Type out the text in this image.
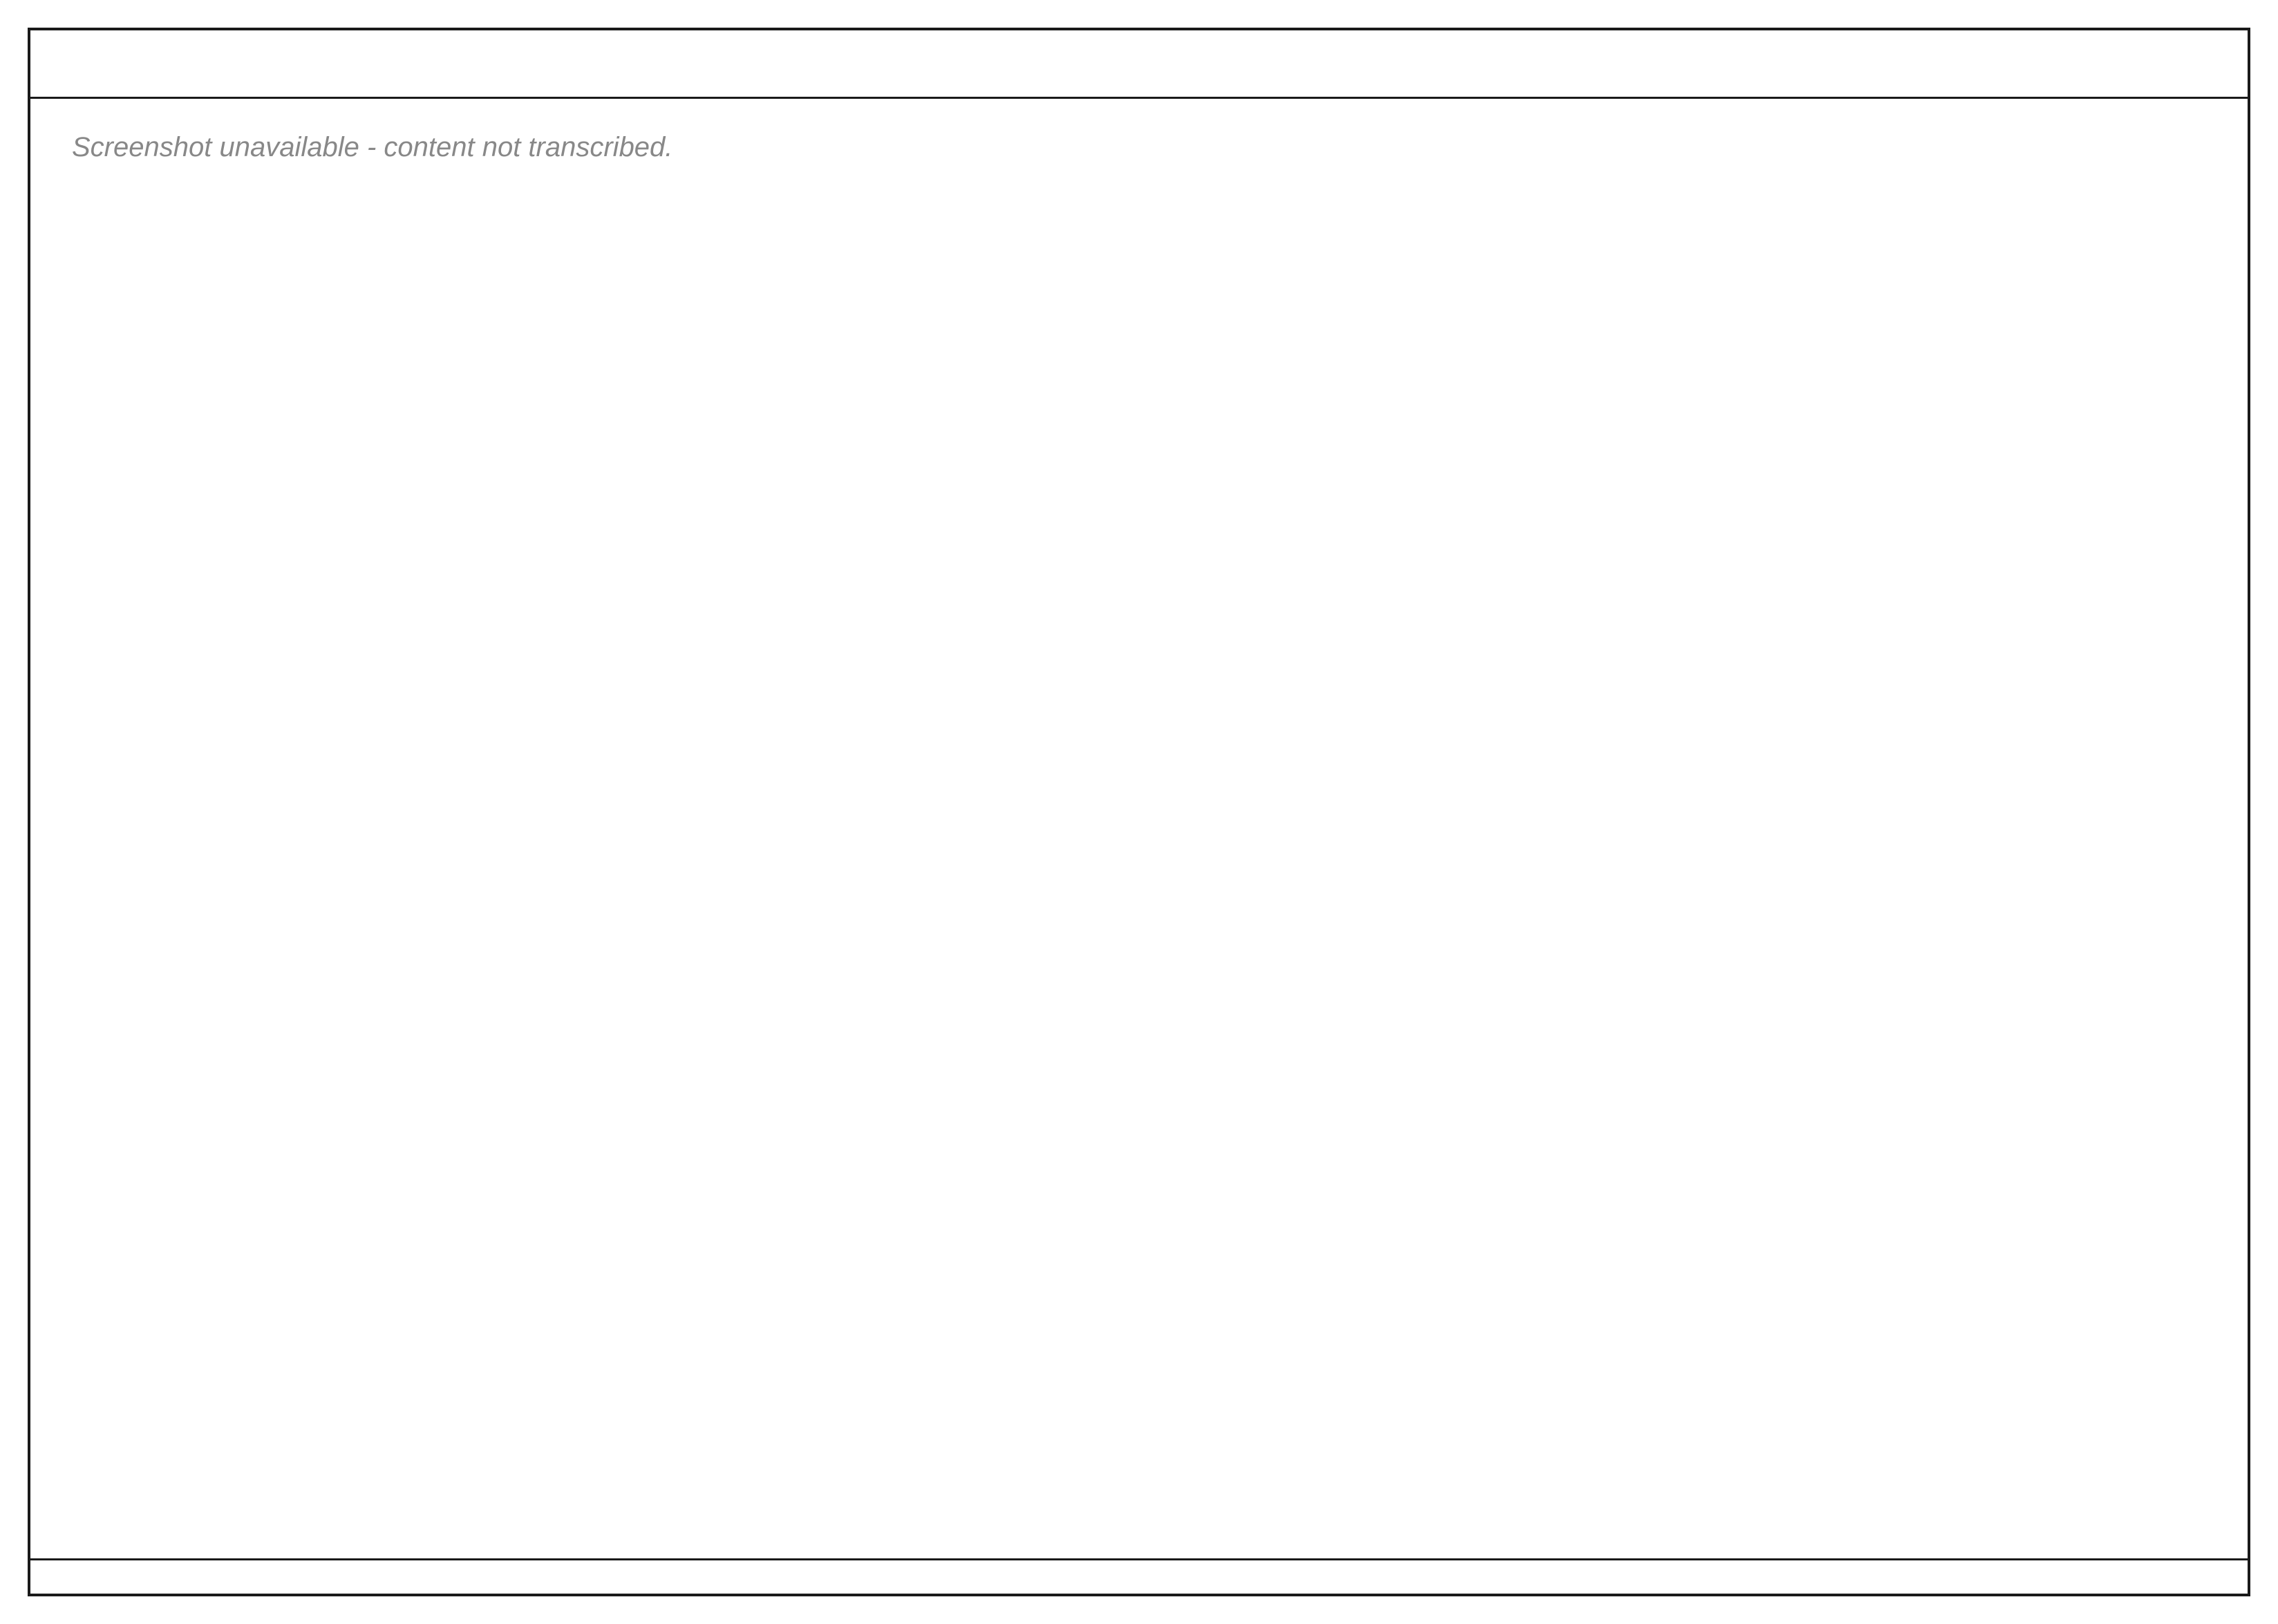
Screenshot unavailable - content not transcribed.
